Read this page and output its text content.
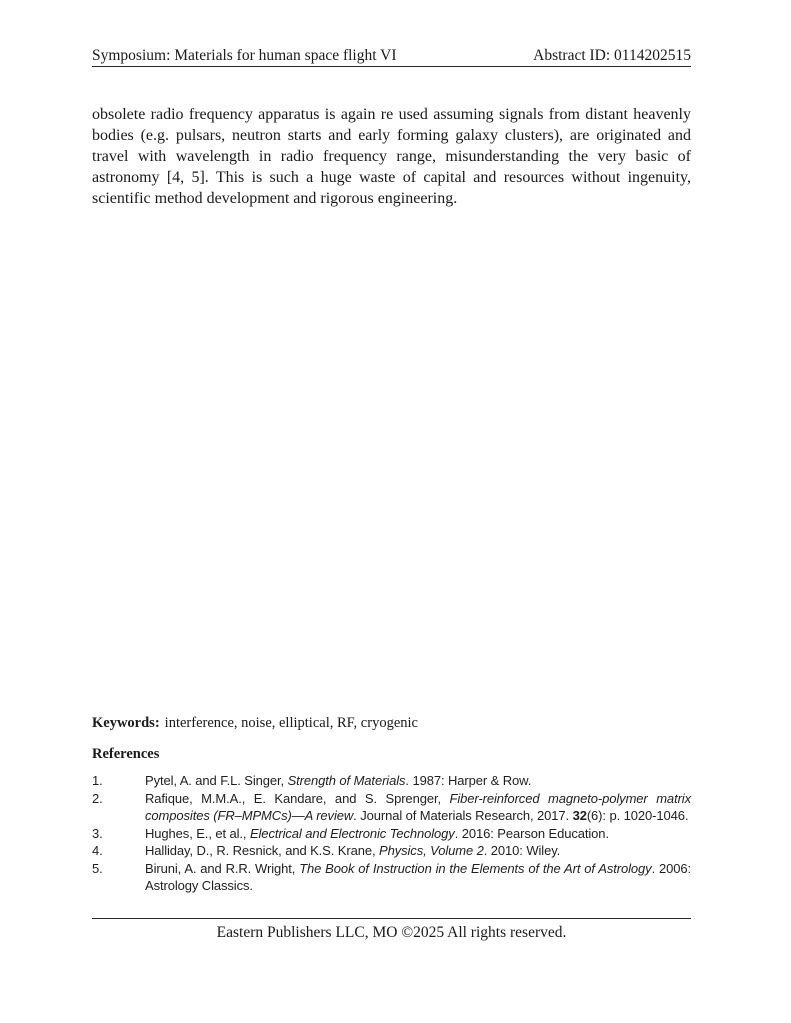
Symposium: Materials for human space flight VI	Abstract ID: 0114202515

obsolete radio frequency apparatus is again re used assuming signals from distant heavenly bodies (e.g. pulsars, neutron starts and early forming galaxy clusters), are originated and travel with wavelength in radio frequency range, misunderstanding the very basic of astronomy [4, 5]. This is such a huge waste of capital and resources without ingenuity, scientific method development and rigorous engineering.

Keywords: interference, noise, elliptical, RF, cryogenic

References

1.	Pytel, A. and F.L. Singer, Strength of Materials. 1987: Harper & Row.
2.	Rafique, M.M.A., E. Kandare, and S. Sprenger, Fiber-reinforced magneto-polymer matrix composites (FR–MPMCs)—A review. Journal of Materials Research, 2017. 32(6): p. 1020-1046.
3.	Hughes, E., et al., Electrical and Electronic Technology. 2016: Pearson Education.
4.	Halliday, D., R. Resnick, and K.S. Krane, Physics, Volume 2. 2010: Wiley.
5.	Biruni, A. and R.R. Wright, The Book of Instruction in the Elements of the Art of Astrology. 2006: Astrology Classics.
Eastern Publishers LLC, MO ©2025 All rights reserved.
